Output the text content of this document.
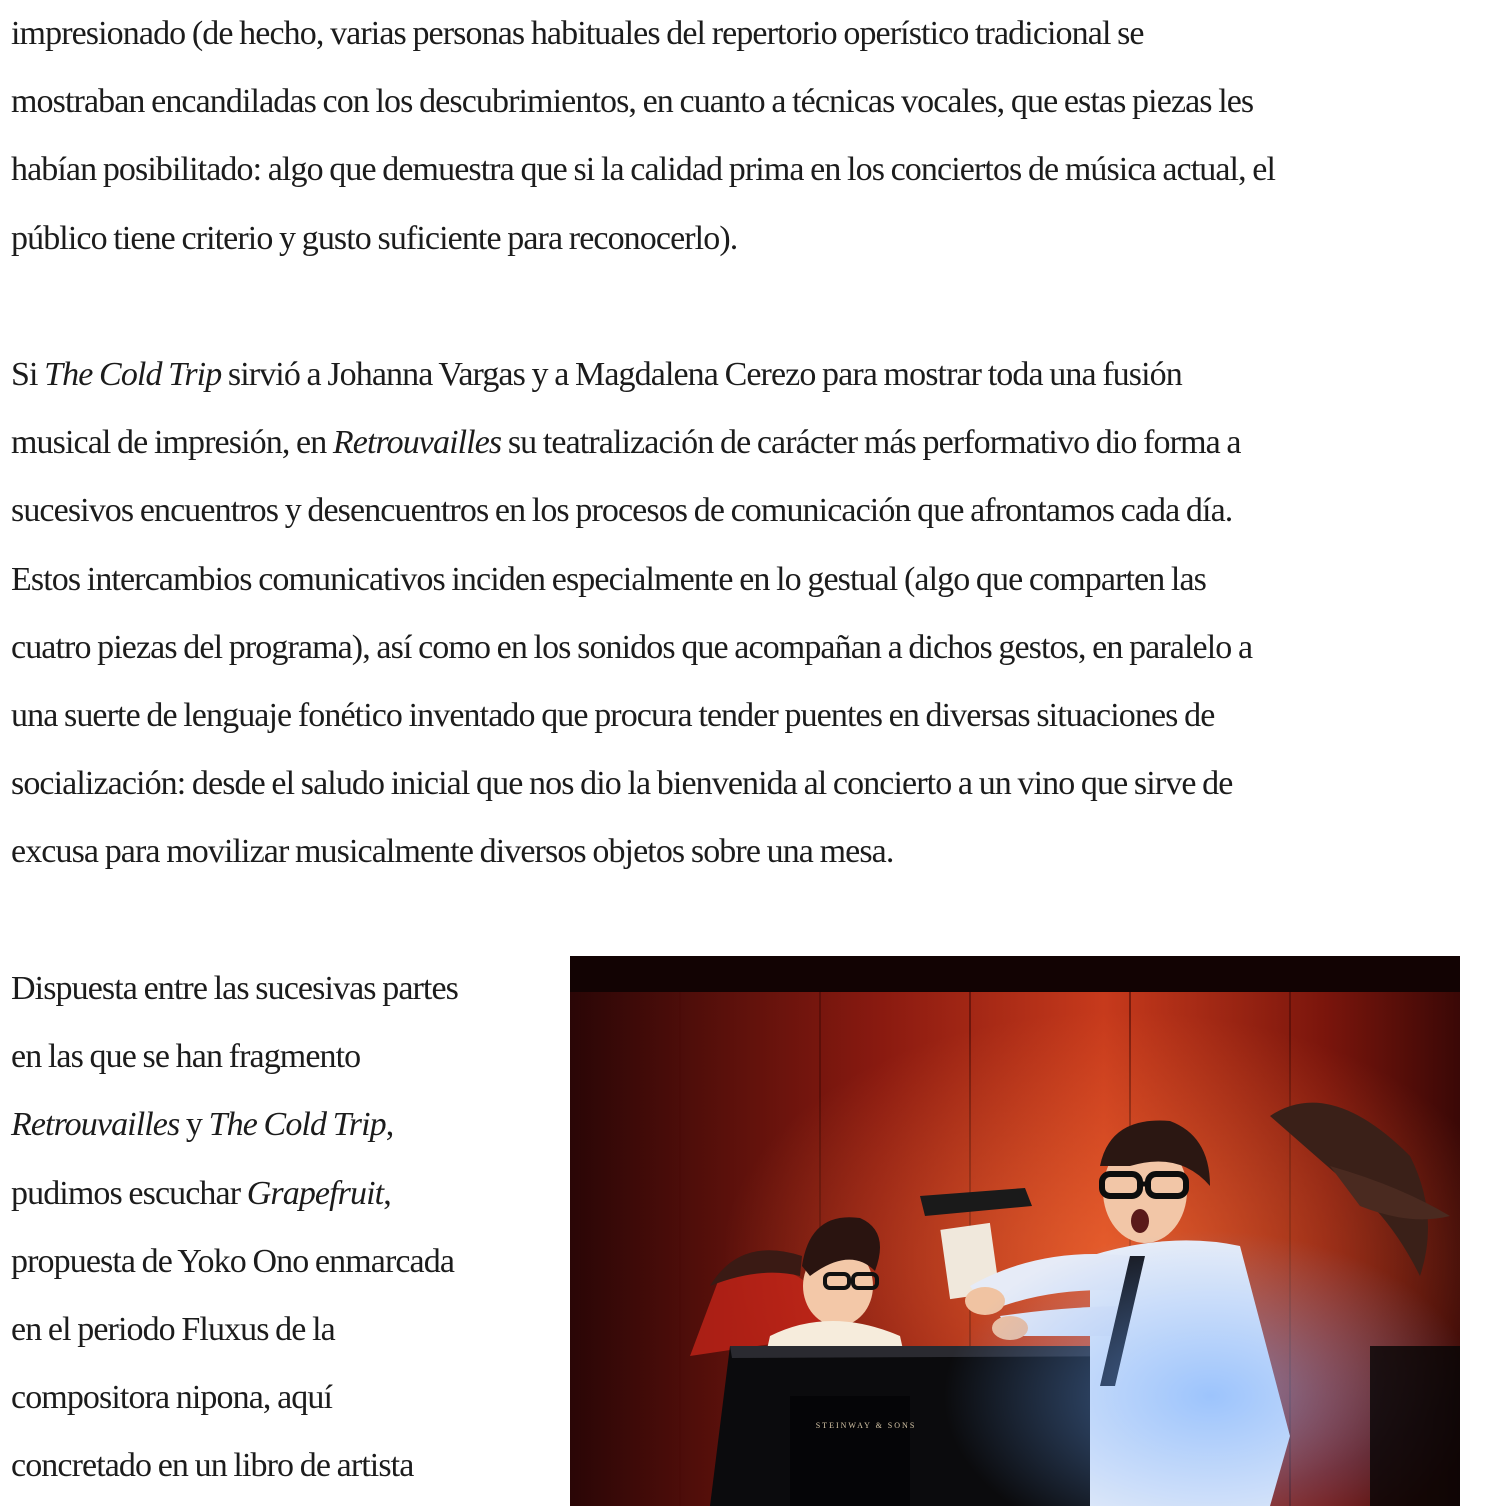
impresionado (de hecho, varias personas habituales del repertorio operístico tradicional se
mostraban encandiladas con los descubrimientos, en cuanto a técnicas vocales, que estas piezas les
habían posibilitado: algo que demuestra que si la calidad prima en los conciertos de música actual, el
público tiene criterio y gusto suficiente para reconocerlo).

Si The Cold Trip sirvió a Johanna Vargas y a Magdalena Cerezo para mostrar toda una fusión
musical de impresión, en Retrouvailles su teatralización de carácter más performativo dio forma a
sucesivos encuentros y desencuentros en los procesos de comunicación que afrontamos cada día.
Estos intercambios comunicativos inciden especialmente en lo gestual (algo que comparten las
cuatro piezas del programa), así como en los sonidos que acompañan a dichos gestos, en paralelo a
una suerte de lenguaje fonético inventado que procura tender puentes en diversas situaciones de
socialización: desde el saludo inicial que nos dio la bienvenida al concierto a un vino que sirve de
excusa para movilizar musicalmente diversos objetos sobre una mesa.

Dispuesta entre las sucesivas partes
en las que se han fragmento
Retrouvailles y The Cold Trip,
pudimos escuchar Grapefruit,
propuesta de Yoko Ono enmarcada
en el periodo Fluxus de la
compositora nipona, aquí
concretado en un libro de artista
